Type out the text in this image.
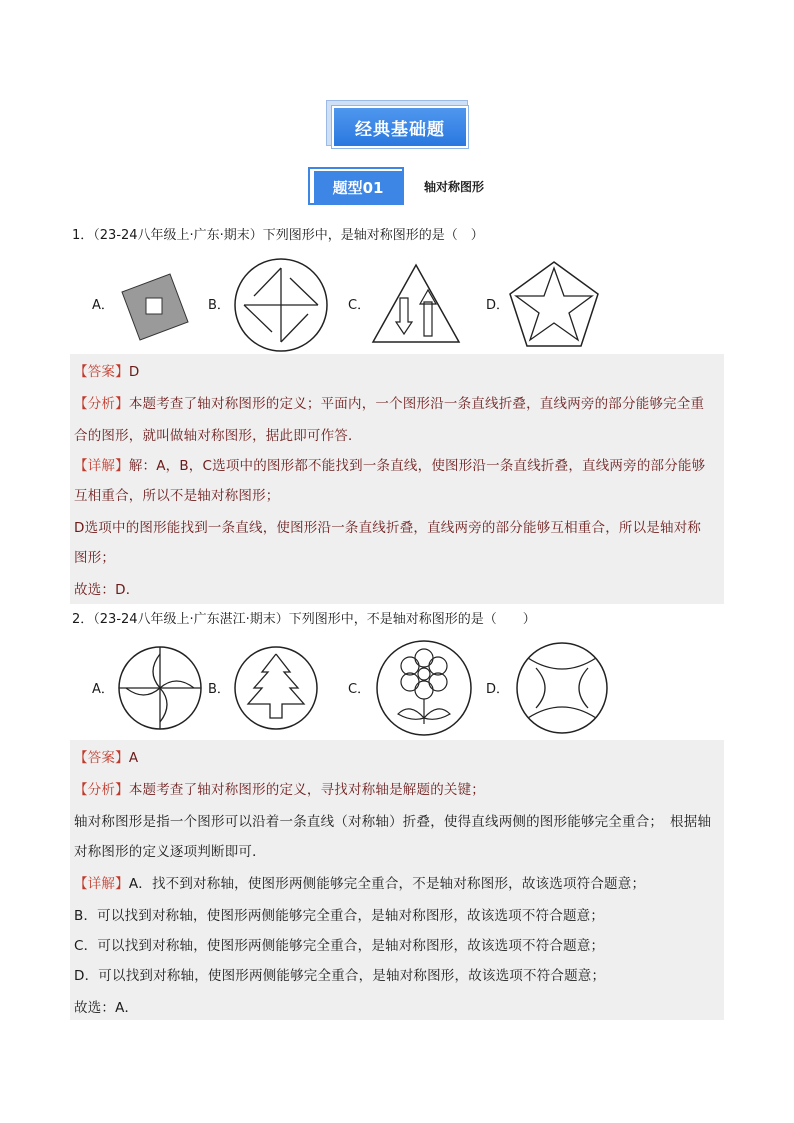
经典基础题
题型01	轴对称图形
1．（23-24八年级上·广东·期末）下列图形中，是轴对称图形的是（　）
A．	B．	C．	D．
【答案】D
【分析】本题考查了轴对称图形的定义；平面内，一个图形沿一条直线折叠，直线两旁的部分能够完全重
合的图形，就叫做轴对称图形，据此即可作答．
【详解】解：A，B，C选项中的图形都不能找到一条直线，使图形沿一条直线折叠，直线两旁的部分能够
互相重合，所以不是轴对称图形；
D选项中的图形能找到一条直线，使图形沿一条直线折叠，直线两旁的部分能够互相重合，所以是轴对称
图形；
故选：D．
2．（23-24八年级上·广东湛江·期末）下列图形中，不是轴对称图形的是（　　）
A．	B．	C．	D．
【答案】A
【分析】本题考查了轴对称图形的定义，寻找对称轴是解题的关键；
轴对称图形是指一个图形可以沿着一条直线（对称轴）折叠，使得直线两侧的图形能够完全重合；　根据轴
对称图形的定义逐项判断即可．
【详解】A．找不到对称轴，使图形两侧能够完全重合，不是轴对称图形，故该选项符合题意；
B．可以找到对称轴，使图形两侧能够完全重合，是轴对称图形，故该选项不符合题意；
C．可以找到对称轴，使图形两侧能够完全重合，是轴对称图形，故该选项不符合题意；
D．可以找到对称轴，使图形两侧能够完全重合，是轴对称图形，故该选项不符合题意；
故选：A．
